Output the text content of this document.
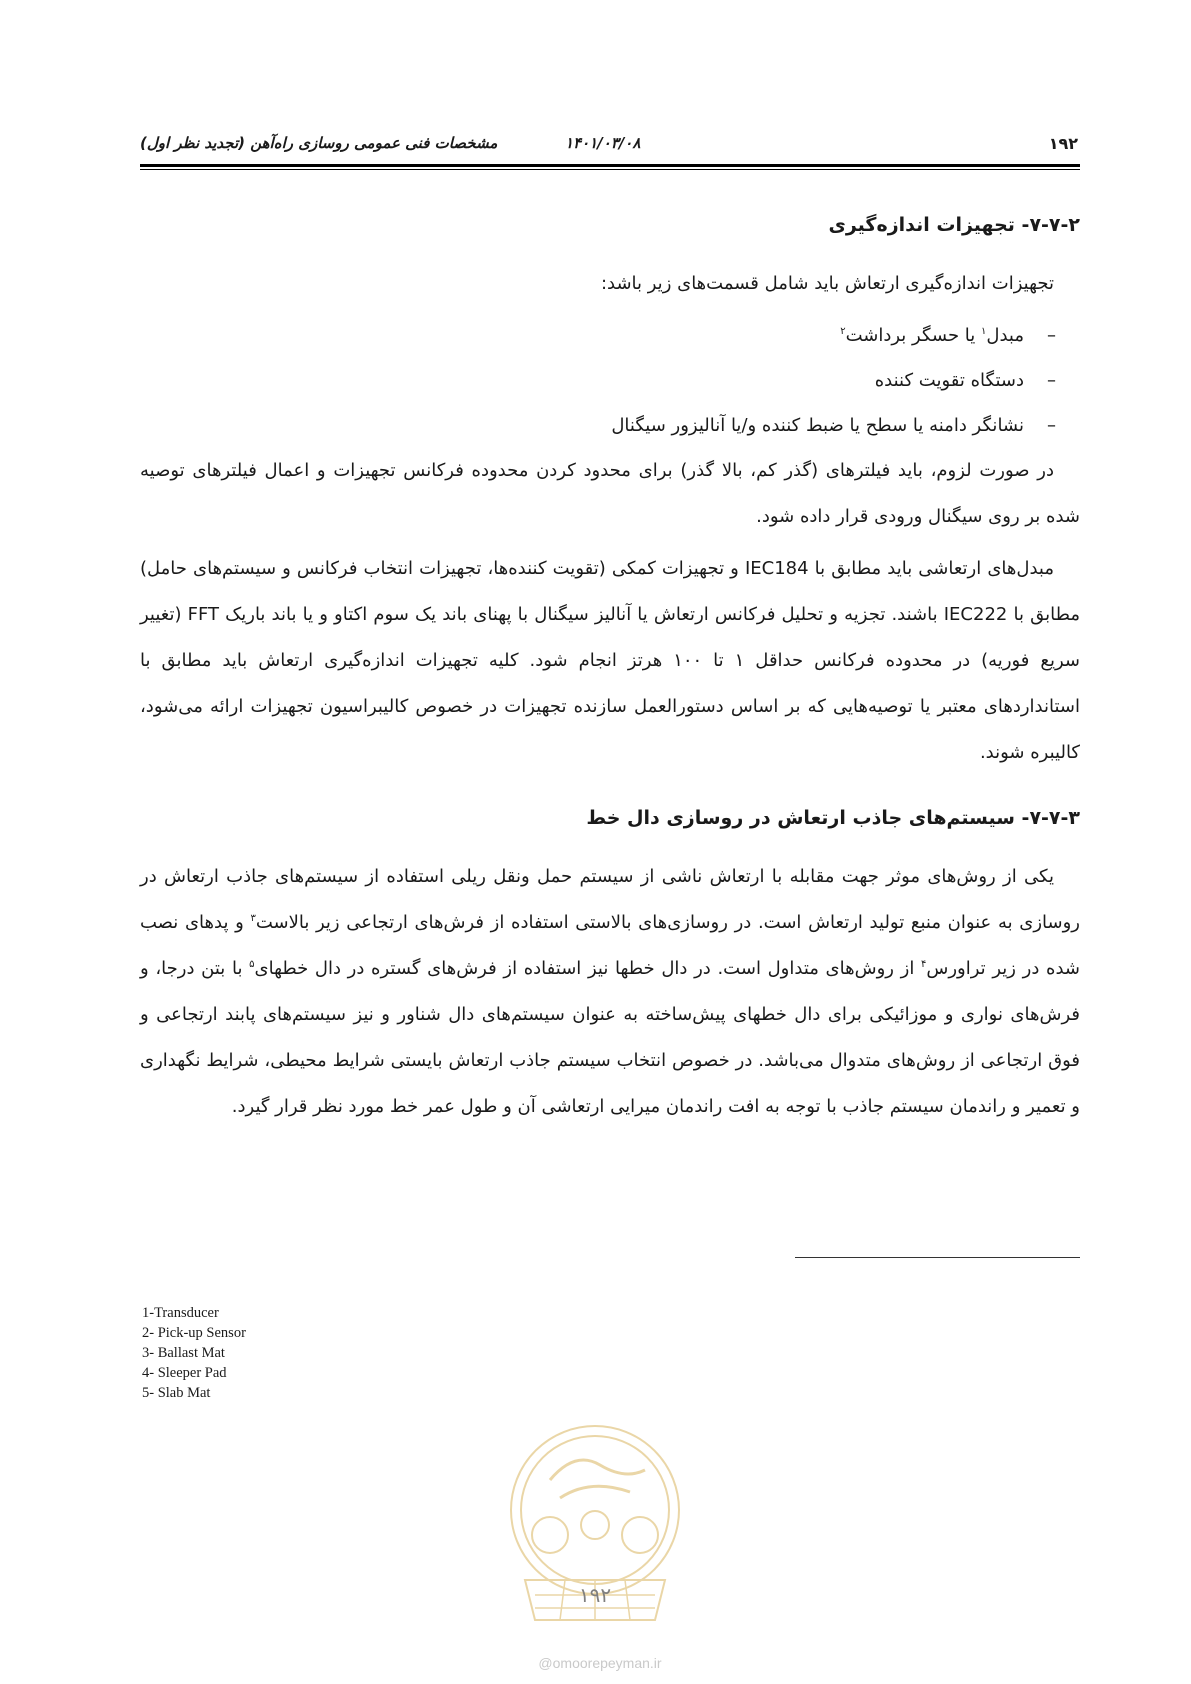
مشخصات فنی عمومی روسازی راه‌آهن (تجدید نظر اول)	۱۴۰۱/۰۳/۰۸	۱۹۲
۷-۷-۲- تجهیزات اندازه‌گیری

تجهیزات اندازه‌گیری ارتعاش باید شامل قسمت‌های زیر باشد:

–مبدل$^۱$ یا حسگر برداشت$^۲$
–دستگاه تقویت کننده
–نشانگر دامنه یا سطح یا ضبط کننده و/یا آنالیزور سیگنال

در صورت لزوم، باید فیلترهای (گذر کم، بالا گذر) برای محدود کردن محدوده فرکانس تجهیزات و اعمال فیلترهای توصیه شده بر روی سیگنال ورودی قرار داده شود.

مبدل‌های ارتعاشی باید مطابق با IEC184 و تجهیزات کمکی (تقویت کننده‌ها، تجهیزات انتخاب فرکانس و سیستم‌های حامل) مطابق با IEC222 باشند. تجزیه و تحلیل فرکانس ارتعاش یا آنالیز سیگنال با پهنای باند یک سوم اکتاو و یا باند باریک FFT (تغییر سریع فوریه) در محدوده فرکانس حداقل ۱ تا ۱۰۰ هرتز انجام شود. کلیه تجهیزات اندازه‌گیری ارتعاش باید مطابق با استانداردهای معتبر یا توصیه‌هایی که بر اساس دستورالعمل سازنده تجهیزات در خصوص کالیبراسیون تجهیزات ارائه می‌شود، کالیبره شوند.

۷-۷-۳- سیستم‌های جاذب ارتعاش در روسازی دال خط

یکی از روش‌های موثر جهت مقابله با ارتعاش ناشی از سیستم حمل ونقل ریلی استفاده از سیستم‌های جاذب ارتعاش در روسازی به عنوان منبع تولید ارتعاش است. در روسازی‌های بالاستی استفاده از فرش‌های ارتجاعی زیر بالاست$^۳$ و پدهای نصب شده در زیر تراورس$^۴$ از روش‌های متداول است. در دال خطها نیز استفاده از فرش‌های گستره در دال خطهای$^۵$ با بتن درجا، و فرش‌های نواری و موزائیکی برای دال خطهای پیش‌ساخته به عنوان سیستم‌های دال شناور و نیز سیستم‌های پابند ارتجاعی و فوق ارتجاعی از روش‌های متدوال می‌باشد. در خصوص انتخاب سیستم جاذب ارتعاش بایستی شرایط محیطی، شرایط نگهداری و تعمیر و راندمان سیستم جاذب با توجه به افت راندمان میرایی ارتعاشی آن و طول عمر خط مورد نظر قرار گیرد.

1-Transducer
2- Pick-up Sensor
3- Ballast Mat
4- Sleeper Pad
5- Slab Mat
۱۹۲
@omoorepeyman.ir
